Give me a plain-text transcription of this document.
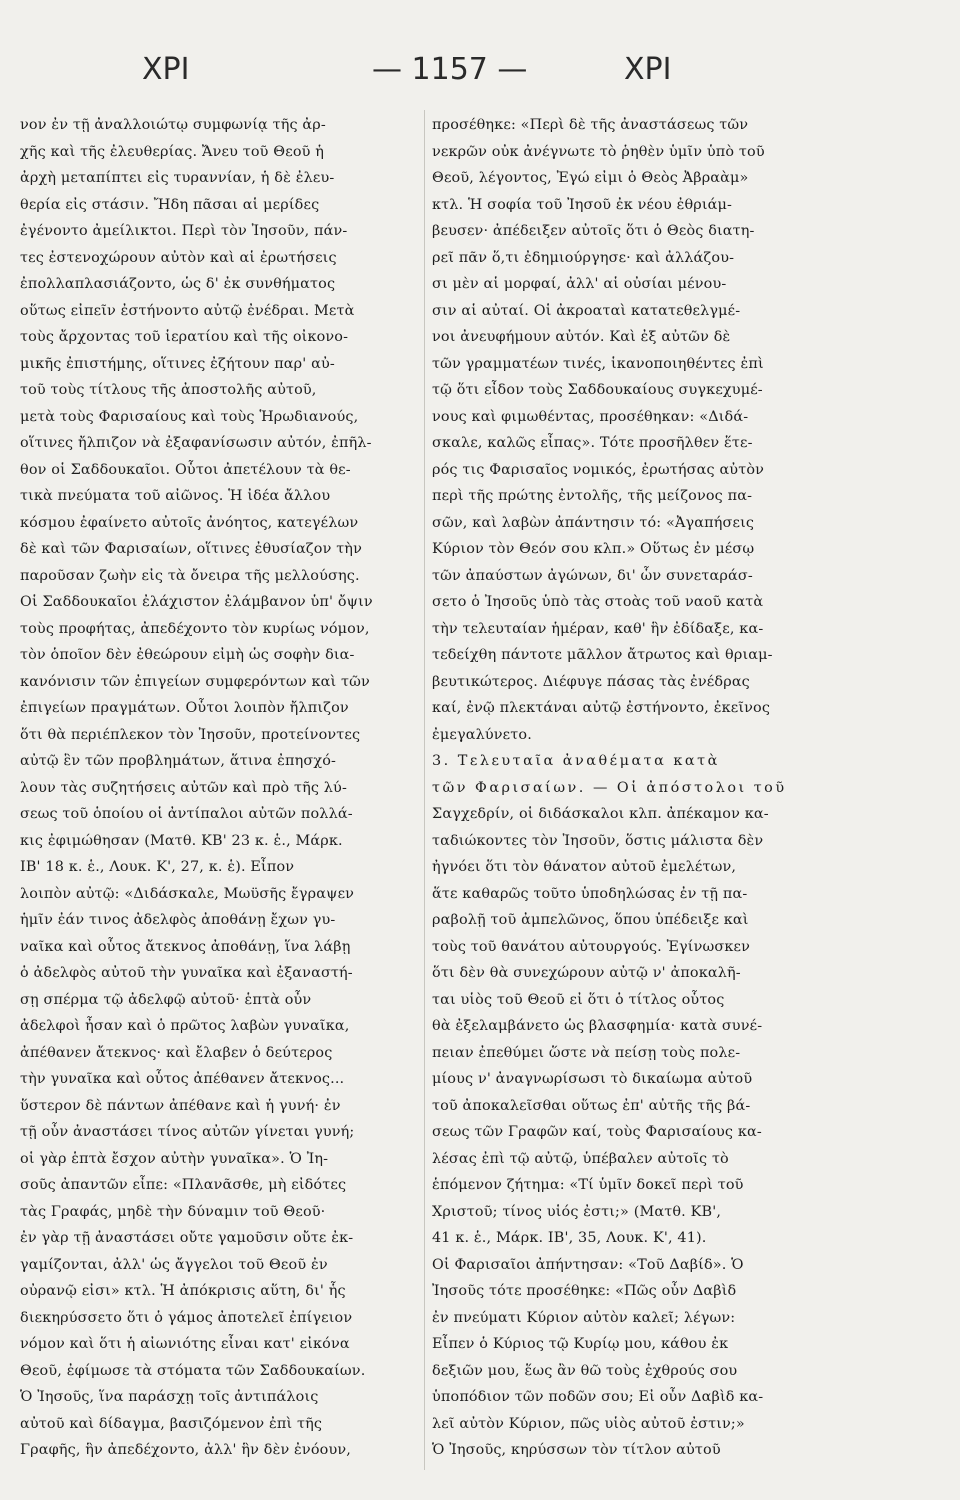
ΧΡΙ	— 1157 —	ΧΡΙ
νον ἐν τῇ ἀναλλοιώτῳ συμφωνίᾳ τῆς ἀρ-
χῆς καὶ τῆς ἐλευθερίας. Ἄνευ τοῦ Θεοῦ ἡ
ἀρχὴ μεταπίπτει εἰς τυραννίαν, ἡ δὲ ἐλευ-
θερία εἰς στάσιν. Ἤδη πᾶσαι αἱ μερίδες
ἐγένοντο ἀμείλικτοι. Περὶ τὸν Ἰησοῦν, πάν-
τες ἐστενοχώρουν αὐτὸν καὶ αἱ ἐρωτήσεις
ἐπολλαπλασιάζοντο, ὡς δ' ἐκ συνθήματος
οὕτως εἰπεῖν ἐστήνοντο αὐτῷ ἐνέδραι. Μετὰ
τοὺς ἄρχοντας τοῦ ἱερατίου καὶ τῆς οἰκονο-
μικῆς ἐπιστήμης, οἵτινες ἐζήτουν παρ' αὐ-
τοῦ τοὺς τίτλους τῆς ἀποστολῆς αὐτοῦ,
μετὰ τοὺς Φαρισαίους καὶ τοὺς Ἡρωδιανούς,
οἵτινες ἤλπιζον νὰ ἐξαφανίσωσιν αὐτόν, ἐπῆλ-
θον οἱ Σαδδουκαῖοι. Οὗτοι ἀπετέλουν τὰ θε-
τικὰ πνεύματα τοῦ αἰῶνος. Ἡ ἰδέα ἄλλου
κόσμου ἐφαίνετο αὐτοῖς ἀνόητος, κατεγέλων
δὲ καὶ τῶν Φαρισαίων, οἵτινες ἐθυσίαζον τὴν
παροῦσαν ζωὴν εἰς τὰ ὄνειρα τῆς μελλούσης.
Οἱ Σαδδουκαῖοι ἐλάχιστον ἐλάμβανον ὑπ' ὄψιν
τοὺς προφήτας, ἀπεδέχοντο τὸν κυρίως νόμον,
τὸν ὁποῖον δὲν ἐθεώρουν εἰμὴ ὡς σοφὴν δια-
κανόνισιν τῶν ἐπιγείων συμφερόντων καὶ τῶν
ἐπιγείων πραγμάτων. Οὗτοι λοιπὸν ἤλπιζον
ὅτι θὰ περιέπλεκον τὸν Ἰησοῦν, προτείνοντες
αὐτῷ ἓν τῶν προβλημάτων, ἅτινα ἐπησχό-
λουν τὰς συζητήσεις αὐτῶν καὶ πρὸ τῆς λύ-
σεως τοῦ ὁποίου οἱ ἀντίπαλοι αὐτῶν πολλά-
κις ἐφιμώθησαν (Ματθ. ΚΒ' 23 κ. ἑ., Μάρκ.
ΙΒ' 18 κ. ἑ., Λουκ. Κ', 27, κ. ἑ). Εἶπον
λοιπὸν αὐτῷ: «Διδάσκαλε, Μωϋσῆς ἔγραψεν
ἡμῖν ἐάν τινος ἀδελφὸς ἀποθάνῃ ἔχων γυ-
ναῖκα καὶ οὗτος ἄτεκνος ἀποθάνῃ, ἵνα λάβῃ
ὁ ἀδελφὸς αὐτοῦ τὴν γυναῖκα καὶ ἐξαναστή-
σῃ σπέρμα τῷ ἀδελφῷ αὐτοῦ· ἑπτὰ οὖν
ἀδελφοὶ ἦσαν καὶ ὁ πρῶτος λαβὼν γυναῖκα,
ἀπέθανεν ἄτεκνος· καὶ ἔλαβεν ὁ δεύτερος
τὴν γυναῖκα καὶ οὗτος ἀπέθανεν ἄτεκνος...
ὕστερον δὲ πάντων ἀπέθανε καὶ ἡ γυνή· ἐν
τῇ οὖν ἀναστάσει τίνος αὐτῶν γίνεται γυνή;
οἱ γὰρ ἑπτὰ ἔσχον αὐτὴν γυναῖκα». Ὁ Ἰη-
σοῦς ἀπαντῶν εἶπε: «Πλανᾶσθε, μὴ εἰδότες
τὰς Γραφάς, μηδὲ τὴν δύναμιν τοῦ Θεοῦ·
ἐν γὰρ τῇ ἀναστάσει οὔτε γαμοῦσιν οὔτε ἐκ-
γαμίζονται, ἀλλ' ὡς ἄγγελοι τοῦ Θεοῦ ἐν
οὐρανῷ εἰσι» κτλ. Ἡ ἀπόκρισις αὕτη, δι' ἧς
διεκηρύσσετο ὅτι ὁ γάμος ἀποτελεῖ ἐπίγειον
νόμον καὶ ὅτι ἡ αἰωνιότης εἶναι κατ' εἰκόνα
Θεοῦ, ἐφίμωσε τὰ στόματα τῶν Σαδδουκαίων.
Ὁ Ἰησοῦς, ἵνα παράσχῃ τοῖς ἀντιπάλοις
αὐτοῦ καὶ δίδαγμα, βασιζόμενον ἐπὶ τῆς
Γραφῆς, ἣν ἀπεδέχοντο, ἀλλ' ἣν δὲν ἐνόουν,
προσέθηκε: «Περὶ δὲ τῆς ἀναστάσεως τῶν
νεκρῶν οὐκ ἀνέγνωτε τὸ ῥηθὲν ὑμῖν ὑπὸ τοῦ
Θεοῦ, λέγοντος, Ἐγώ εἰμι ὁ Θεὸς Ἀβραὰμ»
κτλ. Ἡ σοφία τοῦ Ἰησοῦ ἐκ νέου ἐθριάμ-
βευσεν· ἀπέδειξεν αὐτοῖς ὅτι ὁ Θεὸς διατη-
ρεῖ πᾶν ὅ,τι ἐδημιούργησε· καὶ ἀλλάζου-
σι μὲν αἱ μορφαί, ἀλλ' αἱ οὐσίαι μένου-
σιν αἱ αὐταί. Οἱ ἀκροαταὶ κατατεθελγμέ-
νοι ἀνευφήμουν αὐτόν. Καὶ ἐξ αὐτῶν δὲ
τῶν γραμματέων τινές, ἱκανοποιηθέντες ἐπὶ
τῷ ὅτι εἶδον τοὺς Σαδδουκαίους συγκεχυμέ-
νους καὶ φιμωθέντας, προσέθηκαν: «Διδά-
σκαλε, καλῶς εἶπας». Τότε προσῆλθεν ἕτε-
ρός τις Φαρισαῖος νομικός, ἐρωτήσας αὐτὸν
περὶ τῆς πρώτης ἐντολῆς, τῆς μείζονος πα-
σῶν, καὶ λαβὼν ἀπάντησιν τό: «Ἀγαπήσεις
Κύριον τὸν Θεόν σου κλπ.» Οὕτως ἐν μέσῳ
τῶν ἀπαύστων ἀγώνων, δι' ὧν συνεταράσ-
σετο ὁ Ἰησοῦς ὑπὸ τὰς στοὰς τοῦ ναοῦ κατὰ
τὴν τελευταίαν ἡμέραν, καθ' ἣν ἐδίδαξε, κα-
τεδείχθη πάντοτε μᾶλλον ἄτρωτος καὶ θριαμ-
βευτικώτερος. Διέφυγε πάσας τὰς ἐνέδρας
καί, ἐνῷ πλεκτάναι αὐτῷ ἐστήνοντο, ἐκεῖνος
ἐμεγαλύνετο.
3. Τελευταῖα ἀναθέματα κατὰ
τῶν Φαρισαίων. — Οἱ ἀπόστολοι τοῦ
Σαγχεδρίν, οἱ διδάσκαλοι κλπ. ἀπέκαμον κα-
ταδιώκοντες τὸν Ἰησοῦν, ὅστις μάλιστα δὲν
ἠγνόει ὅτι τὸν θάνατον αὐτοῦ ἐμελέτων,
ἅτε καθαρῶς τοῦτο ὑποδηλώσας ἐν τῇ πα-
ραβολῇ τοῦ ἀμπελῶνος, ὅπου ὑπέδειξε καὶ
τοὺς τοῦ θανάτου αὐτουργούς. Ἐγίνωσκεν
ὅτι δὲν θὰ συνεχώρουν αὐτῷ ν' ἀποκαλῆ-
ται υἱὸς τοῦ Θεοῦ εἰ ὅτι ὁ τίτλος οὗτος
θὰ ἐξελαμβάνετο ὡς βλασφημία· κατὰ συνέ-
πειαν ἐπεθύμει ὥστε νὰ πείσῃ τοὺς πολε-
μίους ν' ἀναγνωρίσωσι τὸ δικαίωμα αὐτοῦ
τοῦ ἀποκαλεῖσθαι οὕτως ἐπ' αὐτῆς τῆς βά-
σεως τῶν Γραφῶν καί, τοὺς Φαρισαίους κα-
λέσας ἐπὶ τῷ αὐτῷ, ὑπέβαλεν αὐτοῖς τὸ
ἑπόμενον ζήτημα: «Τί ὑμῖν δοκεῖ περὶ τοῦ
Χριστοῦ; τίνος υἱός ἐστι;» (Ματθ. ΚΒ',
41 κ. ἑ., Μάρκ. ΙΒ', 35, Λουκ. Κ', 41).
Οἱ Φαρισαῖοι ἀπήντησαν: «Τοῦ Δαβίδ». Ὁ
Ἰησοῦς τότε προσέθηκε: «Πῶς οὖν Δαβὶδ
ἐν πνεύματι Κύριον αὐτὸν καλεῖ; λέγων:
Εἶπεν ὁ Κύριος τῷ Κυρίῳ μου, κάθου ἐκ
δεξιῶν μου, ἕως ἂν θῶ τοὺς ἐχθρούς σου
ὑποπόδιον τῶν ποδῶν σου; Εἰ οὖν Δαβὶδ κα-
λεῖ αὐτὸν Κύριον, πῶς υἱὸς αὐτοῦ ἐστιν;»
Ὁ Ἰησοῦς, κηρύσσων τὸν τίτλον αὐτοῦ
